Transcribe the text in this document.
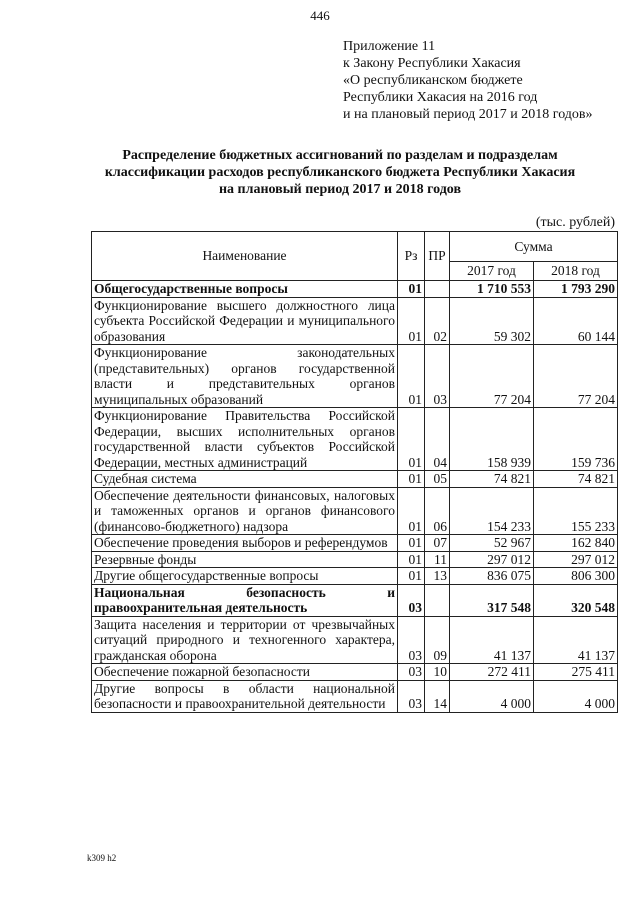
446
Приложение 11
к Закону Республики Хакасия
«О республиканском бюджете
Республики Хакасия на 2016 год
и на плановый период 2017 и 2018 годов»
Распределение бюджетных ассигнований по разделам и подразделам
классификации расходов республиканского бюджета Республики Хакасия
на плановый период 2017 и 2018 годов
(тыс. рублей)
Наименование	Рз	ПР	Сумма	
			2017 год	2018 год
Общегосударственные вопросы	01		1 710 553	1 793 290
Функционирование высшего должностного лица субъекта Российской Федерации и муниципального образования	01	02	59 302	60 144
Функционирование законодательных (представительных) органов государственной власти и представительных органов муниципальных образований	01	03	77 204	77 204
Функционирование Правительства Российской Федерации, высших исполнительных органов государственной власти субъектов Российской Федерации, местных администраций	01	04	158 939	159 736
Судебная система	01	05	74 821	74 821
Обеспечение деятельности финансовых, налоговых и таможенных органов и органов финансового (финансово-бюджетного) надзора	01	06	154 233	155 233
Обеспечение проведения выборов и референдумов	01	07	52 967	162 840
Резервные фонды	01	11	297 012	297 012
Другие общегосударственные вопросы	01	13	836 075	806 300
Национальная безопасность и правоохранительная деятельность	03		317 548	320 548
Защита населения и территории от чрезвычайных ситуаций природного и техногенного характера, гражданская оборона	03	09	41 137	41 137
Обеспечение пожарной безопасности	03	10	272 411	275 411
Другие вопросы в области национальной безопасности и правоохранительной деятельности	03	14	4 000	4 000
k309 h2
